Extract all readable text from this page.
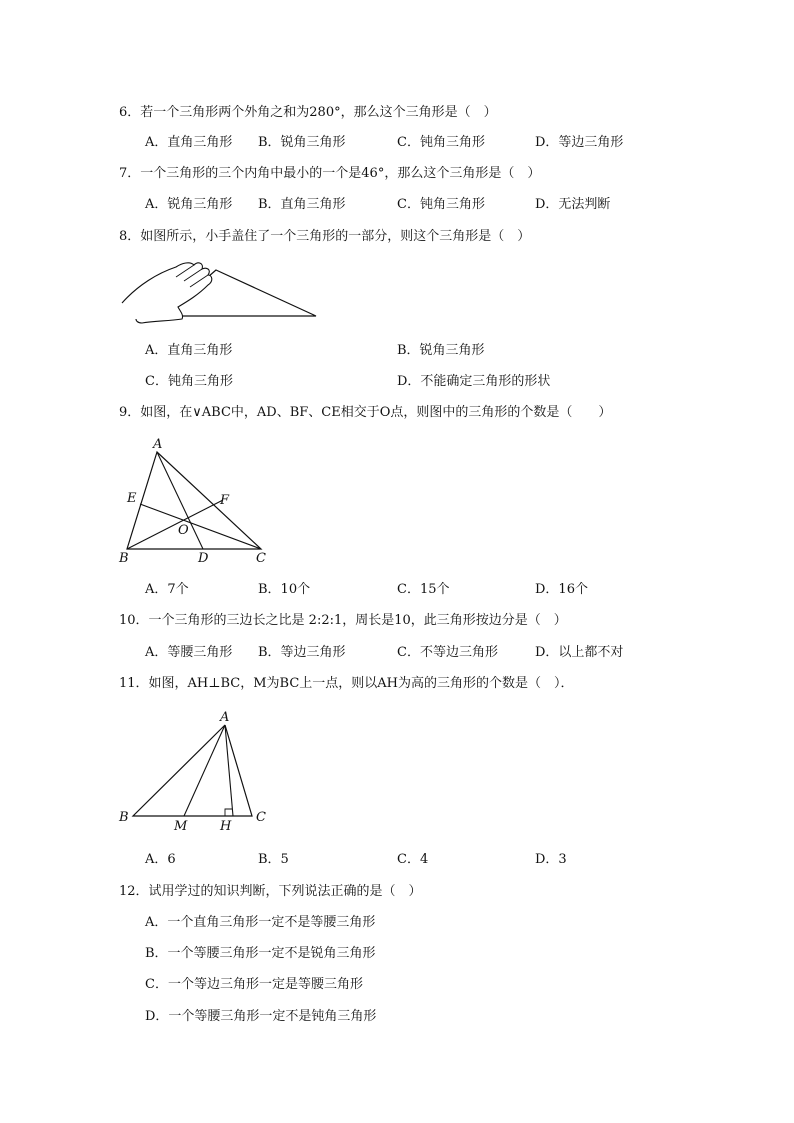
6．若一个三角形两个外角之和为280°，那么这个三角形是（　）
A．直角三角形 B．锐角三角形	C．钝角三角形	D．等边三角形
7．一个三角形的三个内角中最小的一个是46°，那么这个三角形是（　）
A．锐角三角形 B．直角三角形	C．钝角三角形	D．无法判断
8．如图所示，小手盖住了一个三角形的一部分，则这个三角形是（　）
A．直角三角形	B．锐角三角形
C．钝角三角形	D．不能确定三角形的形状
9．如图，在∨ABC中，AD、BF、CE相交于O点，则图中的三角形的个数是（　　）
A
B	C
D
E	F
O
A．7个	B．10个	C．15个	D．16个
10．一个三角形的三边长之比是 2:2:1，周长是10，此三角形按边分是（　）
A．等腰三角形 B．等边三角形	C．不等边三角形	D．以上都不对
11．如图，AH⊥BC，M为BC上一点，则以AH为高的三角形的个数是（　）．
A
B
M	H
C
A．6	B．5	C．4	D．3
12．试用学过的知识判断，下列说法正确的是（　）
A．一个直角三角形一定不是等腰三角形
B．一个等腰三角形一定不是锐角三角形
C．一个等边三角形一定是等腰三角形
D．一个等腰三角形一定不是钝角三角形
